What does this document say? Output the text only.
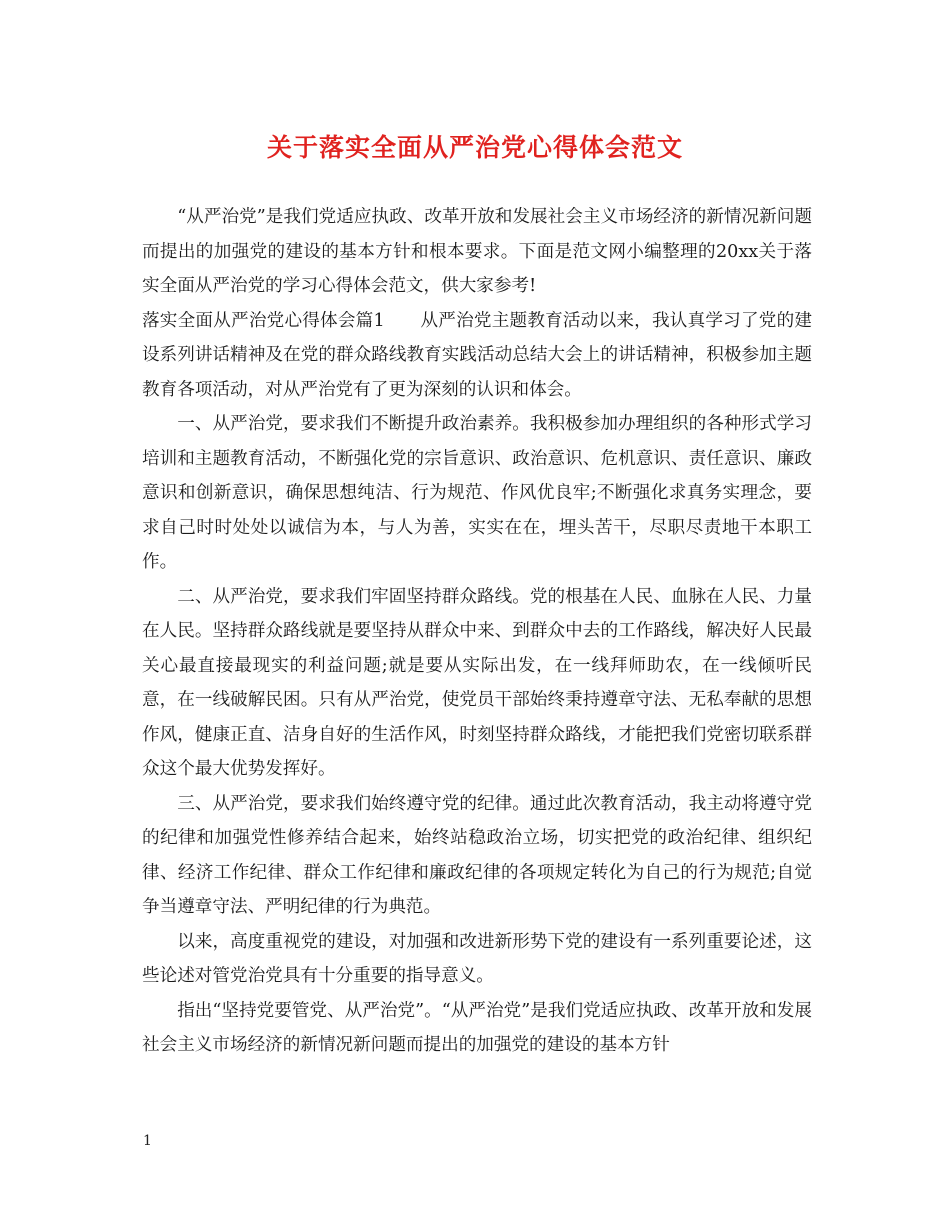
关于落实全面从严治党心得体会范文

“从严治党”是我们党适应执政、改革开放和发展社会主义市场经济的新情况新问题而提出的加强党的建设的基本方针和根本要求。下面是范文网小编整理的20xx关于落实全面从严治党的学习心得体会范文，供大家参考!

落实全面从严治党心得体会篇1　　从严治党主题教育活动以来，我认真学习了党的建设系列讲话精神及在党的群众路线教育实践活动总结大会上的讲话精神，积极参加主题教育各项活动，对从严治党有了更为深刻的认识和体会。

一、从严治党，要求我们不断提升政治素养。我积极参加办理组织的各种形式学习培训和主题教育活动，不断强化党的宗旨意识、政治意识、危机意识、责任意识、廉政意识和创新意识，确保思想纯洁、行为规范、作风优良牢;不断强化求真务实理念，要求自己时时处处以诚信为本，与人为善，实实在在，埋头苦干，尽职尽责地干本职工作。

二、从严治党，要求我们牢固坚持群众路线。党的根基在人民、血脉在人民、力量在人民。坚持群众路线就是要坚持从群众中来、到群众中去的工作路线，解决好人民最关心最直接最现实的利益问题;就是要从实际出发，在一线拜师助农，在一线倾听民意，在一线破解民困。只有从严治党，使党员干部始终秉持遵章守法、无私奉献的思想作风，健康正直、洁身自好的生活作风，时刻坚持群众路线，才能把我们党密切联系群众这个最大优势发挥好。

三、从严治党，要求我们始终遵守党的纪律。通过此次教育活动，我主动将遵守党的纪律和加强党性修养结合起来，始终站稳政治立场，切实把党的政治纪律、组织纪律、经济工作纪律、群众工作纪律和廉政纪律的各项规定转化为自己的行为规范;自觉争当遵章守法、严明纪律的行为典范。

以来，高度重视党的建设，对加强和改进新形势下党的建设有一系列重要论述，这些论述对管党治党具有十分重要的指导意义。

指出“坚持党要管党、从严治党”。“从严治党”是我们党适应执政、改革开放和发展社会主义市场经济的新情况新问题而提出的加强党的建设的基本方针

1
